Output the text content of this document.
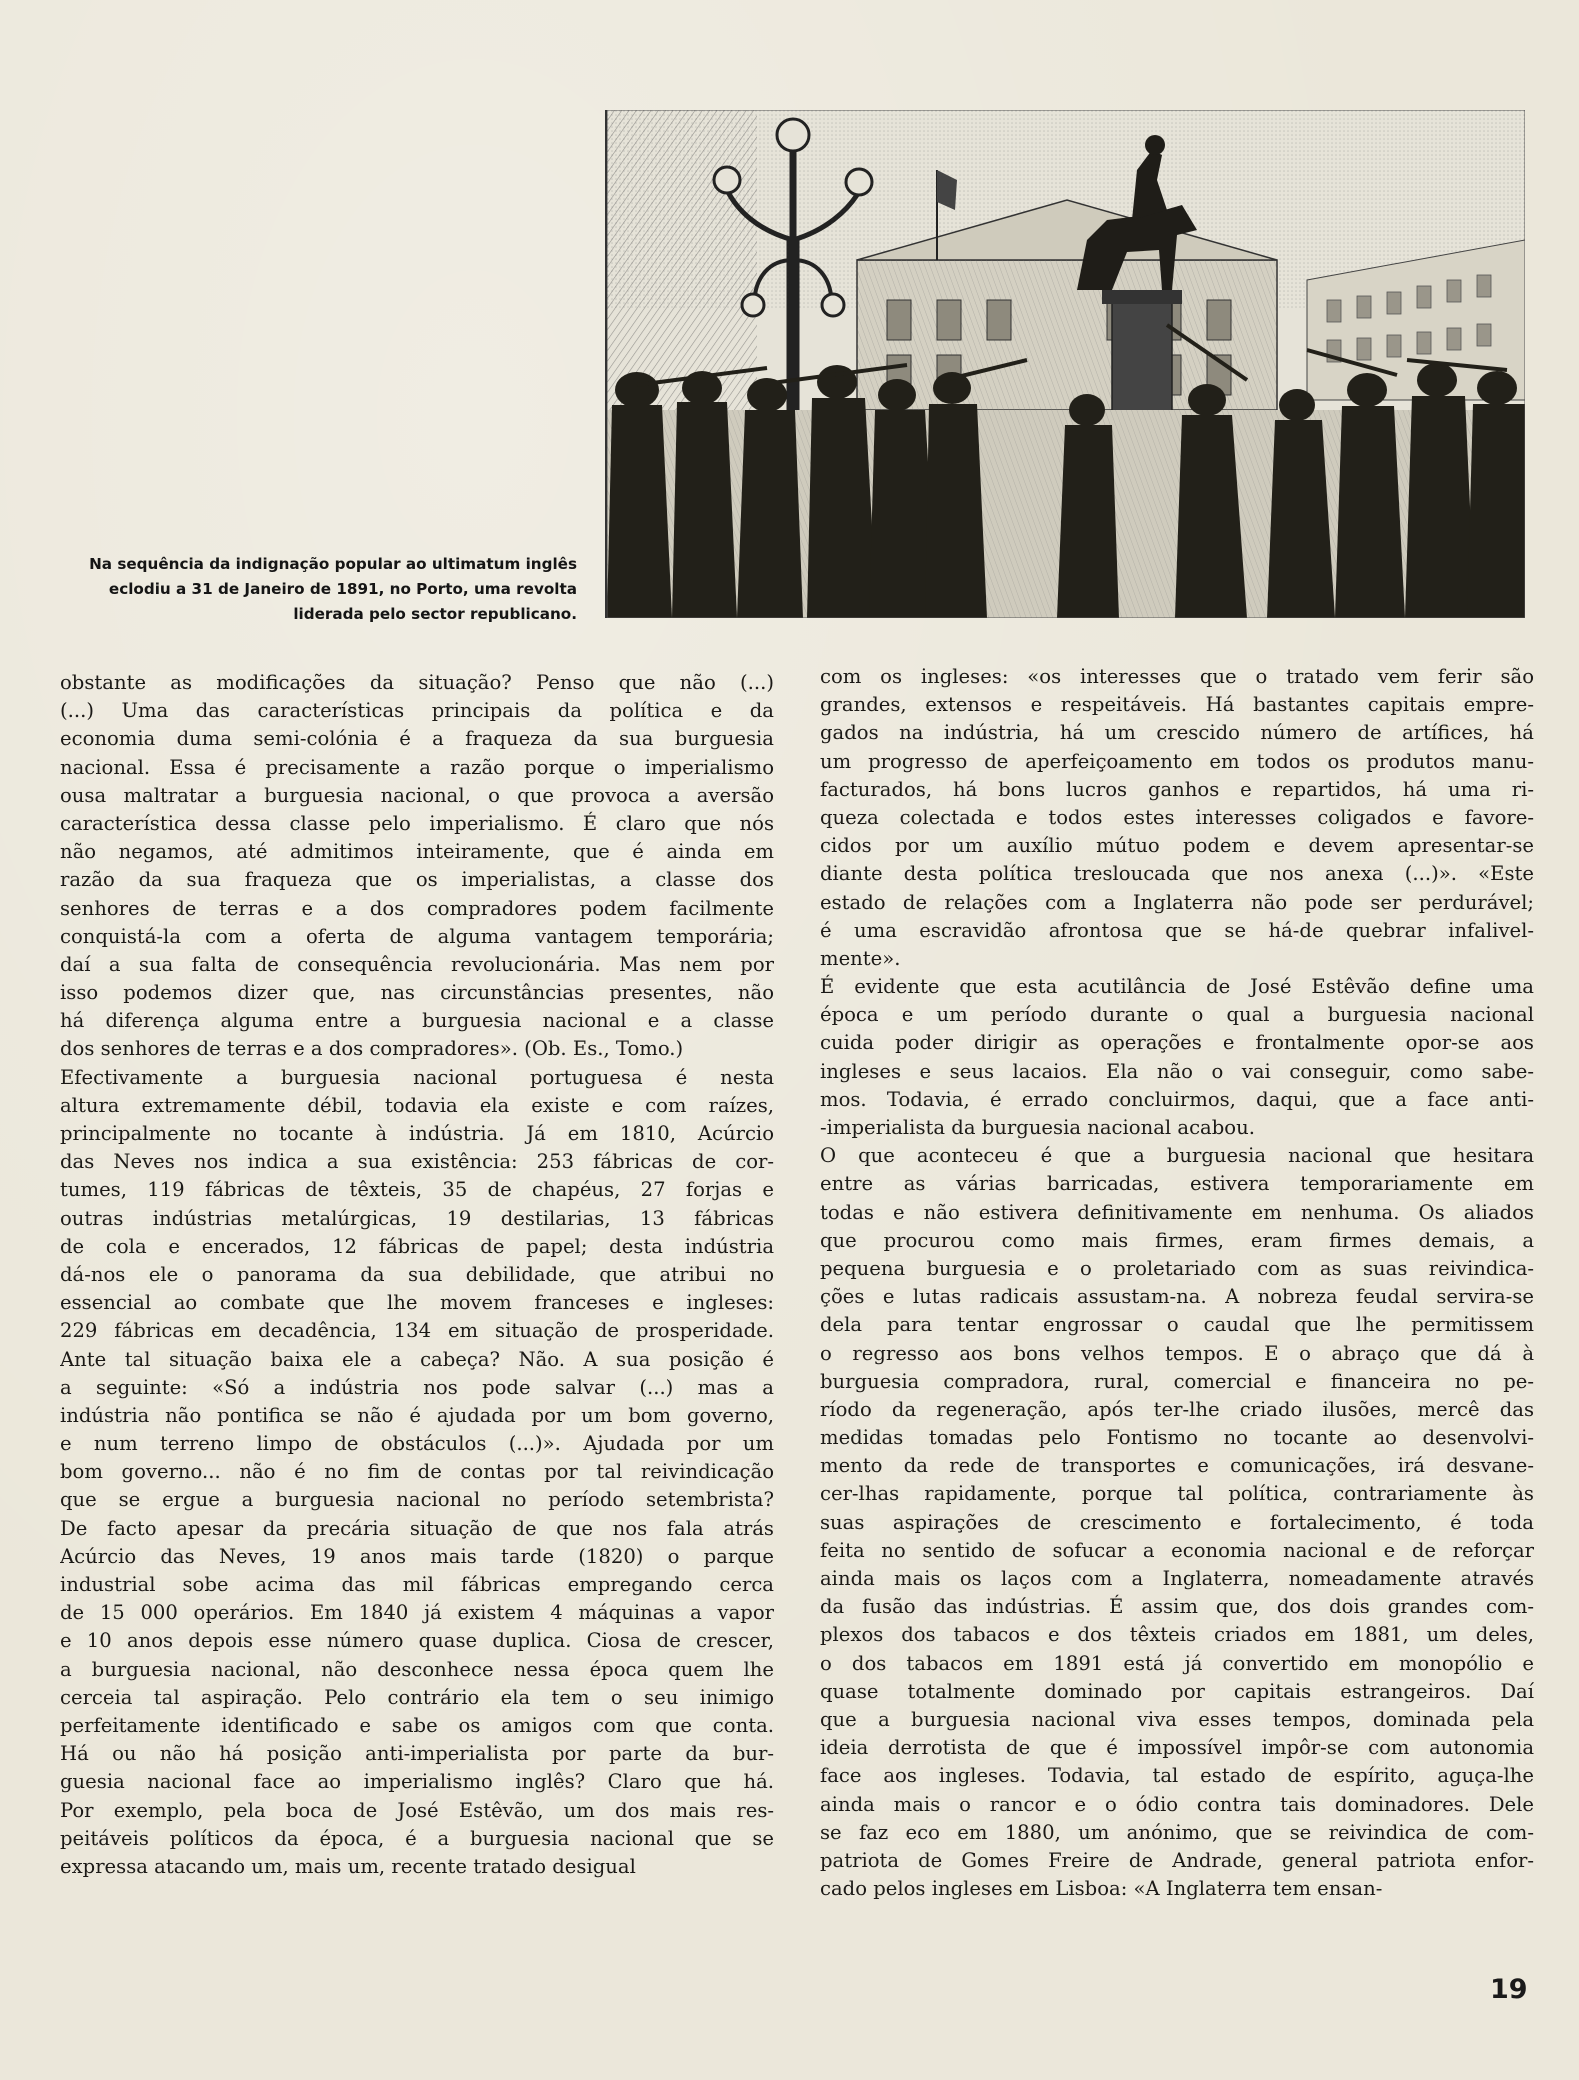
Na sequência da indignação popular ao ultimatum inglês
eclodiu a 31 de Janeiro de 1891, no Porto, uma revolta
liderada pelo sector republicano.
obstante as modificações da situação? Penso que não (...)
(...) Uma das características principais da política e da
economia duma semi-colónia é a fraqueza da sua burguesia
nacional. Essa é precisamente a razão porque o imperialismo
ousa maltratar a burguesia nacional, o que provoca a aversão
característica dessa classe pelo imperialismo. É claro que nós
não negamos, até admitimos inteiramente, que é ainda em
razão da sua fraqueza que os imperialistas, a classe dos
senhores de terras e a dos compradores podem facilmente
conquistá-la com a oferta de alguma vantagem temporária;
daí a sua falta de consequência revolucionária. Mas nem por
isso podemos dizer que, nas circunstâncias presentes, não
há diferença alguma entre a burguesia nacional e a classe
dos senhores de terras e a dos compradores». (Ob. Es., Tomo.)
Efectivamente a burguesia nacional portuguesa é nesta
altura extremamente débil, todavia ela existe e com raízes,
principalmente no tocante à indústria. Já em 1810, Acúrcio
das Neves nos indica a sua existência: 253 fábricas de cor-
tumes, 119 fábricas de têxteis, 35 de chapéus, 27 forjas e
outras indústrias metalúrgicas, 19 destilarias, 13 fábricas
de cola e encerados, 12 fábricas de papel; desta indústria
dá-nos ele o panorama da sua debilidade, que atribui no
essencial ao combate que lhe movem franceses e ingleses:
229 fábricas em decadência, 134 em situação de prosperidade.
Ante tal situação baixa ele a cabeça? Não. A sua posição é
a seguinte: «Só a indústria nos pode salvar (...) mas a
indústria não pontifica se não é ajudada por um bom governo,
e num terreno limpo de obstáculos (...)». Ajudada por um
bom governo... não é no fim de contas por tal reivindicação
que se ergue a burguesia nacional no período setembrista?
De facto apesar da precária situação de que nos fala atrás
Acúrcio das Neves, 19 anos mais tarde (1820) o parque
industrial sobe acima das mil fábricas empregando cerca
de 15 000 operários. Em 1840 já existem 4 máquinas a vapor
e 10 anos depois esse número quase duplica. Ciosa de crescer,
a burguesia nacional, não desconhece nessa época quem lhe
cerceia tal aspiração. Pelo contrário ela tem o seu inimigo
perfeitamente identificado e sabe os amigos com que conta.
Há ou não há posição anti-imperialista por parte da bur-
guesia nacional face ao imperialismo inglês? Claro que há.
Por exemplo, pela boca de José Estêvão, um dos mais res-
peitáveis políticos da época, é a burguesia nacional que se
expressa atacando um, mais um, recente tratado desigual
com os ingleses: «os interesses que o tratado vem ferir são
grandes, extensos e respeitáveis. Há bastantes capitais empre-
gados na indústria, há um crescido número de artífices, há
um progresso de aperfeiçoamento em todos os produtos manu-
facturados, há bons lucros ganhos e repartidos, há uma ri-
queza colectada e todos estes interesses coligados e favore-
cidos por um auxílio mútuo podem e devem apresentar-se
diante desta política tresloucada que nos anexa (...)». «Este
estado de relações com a Inglaterra não pode ser perdurável;
é uma escravidão afrontosa que se há-de quebrar infalivel-
mente».
É evidente que esta acutilância de José Estêvão define uma
época e um período durante o qual a burguesia nacional
cuida poder dirigir as operações e frontalmente opor-se aos
ingleses e seus lacaios. Ela não o vai conseguir, como sabe-
mos. Todavia, é errado concluirmos, daqui, que a face anti-
-imperialista da burguesia nacional acabou.
O que aconteceu é que a burguesia nacional que hesitara
entre as várias barricadas, estivera temporariamente em
todas e não estivera definitivamente em nenhuma. Os aliados
que procurou como mais firmes, eram firmes demais, a
pequena burguesia e o proletariado com as suas reivindica-
ções e lutas radicais assustam-na. A nobreza feudal servira-se
dela para tentar engrossar o caudal que lhe permitissem
o regresso aos bons velhos tempos. E o abraço que dá à
burguesia compradora, rural, comercial e financeira no pe-
ríodo da regeneração, após ter-lhe criado ilusões, mercê das
medidas tomadas pelo Fontismo no tocante ao desenvolvi-
mento da rede de transportes e comunicações, irá desvane-
cer-lhas rapidamente, porque tal política, contrariamente às
suas aspirações de crescimento e fortalecimento, é toda
feita no sentido de sofucar a economia nacional e de reforçar
ainda mais os laços com a Inglaterra, nomeadamente através
da fusão das indústrias. É assim que, dos dois grandes com-
plexos dos tabacos e dos têxteis criados em 1881, um deles,
o dos tabacos em 1891 está já convertido em monopólio e
quase totalmente dominado por capitais estrangeiros. Daí
que a burguesia nacional viva esses tempos, dominada pela
ideia derrotista de que é impossível impôr-se com autonomia
face aos ingleses. Todavia, tal estado de espírito, aguça-lhe
ainda mais o rancor e o ódio contra tais dominadores. Dele
se faz eco em 1880, um anónimo, que se reivindica de com-
patriota de Gomes Freire de Andrade, general patriota enfor-
cado pelos ingleses em Lisboa: «A Inglaterra tem ensan-
19
